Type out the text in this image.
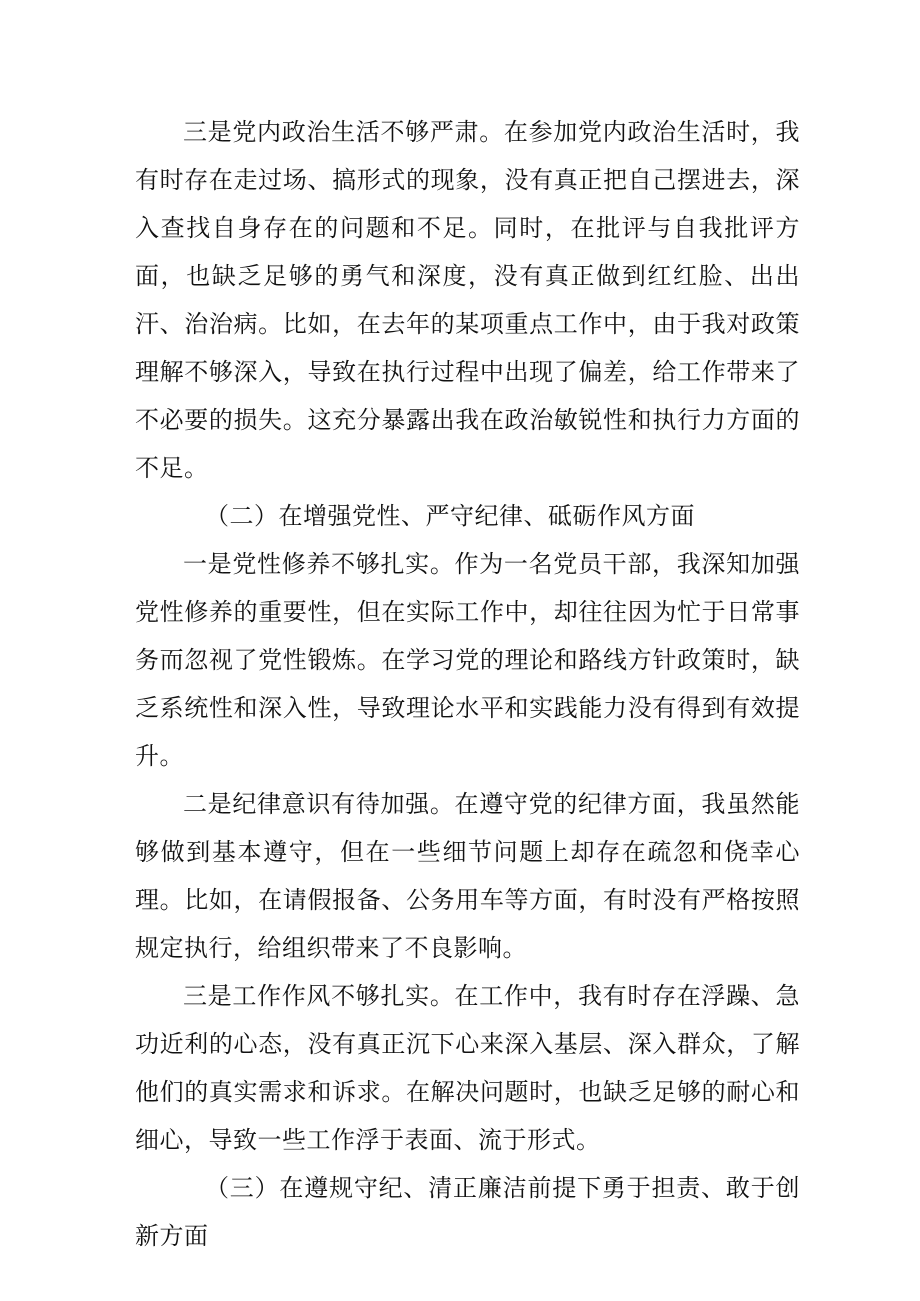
三是党内政治生活不够严肃。在参加党内政治生活时，我有时存在走过场、搞形式的现象，没有真正把自己摆进去，深入查找自身存在的问题和不足。同时，在批评与自我批评方面，也缺乏足够的勇气和深度，没有真正做到红红脸、出出汗、治治病。比如，在去年的某项重点工作中，由于我对政策理解不够深入，导致在执行过程中出现了偏差，给工作带来了不必要的损失。这充分暴露出我在政治敏锐性和执行力方面的不足。

（二）在增强党性、严守纪律、砥砺作风方面

一是党性修养不够扎实。作为一名党员干部，我深知加强党性修养的重要性，但在实际工作中，却往往因为忙于日常事务而忽视了党性锻炼。在学习党的理论和路线方针政策时，缺乏系统性和深入性，导致理论水平和实践能力没有得到有效提升。

二是纪律意识有待加强。在遵守党的纪律方面，我虽然能够做到基本遵守，但在一些细节问题上却存在疏忽和侥幸心理。比如，在请假报备、公务用车等方面，有时没有严格按照规定执行，给组织带来了不良影响。

三是工作作风不够扎实。在工作中，我有时存在浮躁、急功近利的心态，没有真正沉下心来深入基层、深入群众，了解他们的真实需求和诉求。在解决问题时，也缺乏足够的耐心和细心，导致一些工作浮于表面、流于形式。

（三）在遵规守纪、清正廉洁前提下勇于担责、敢于创新方面
